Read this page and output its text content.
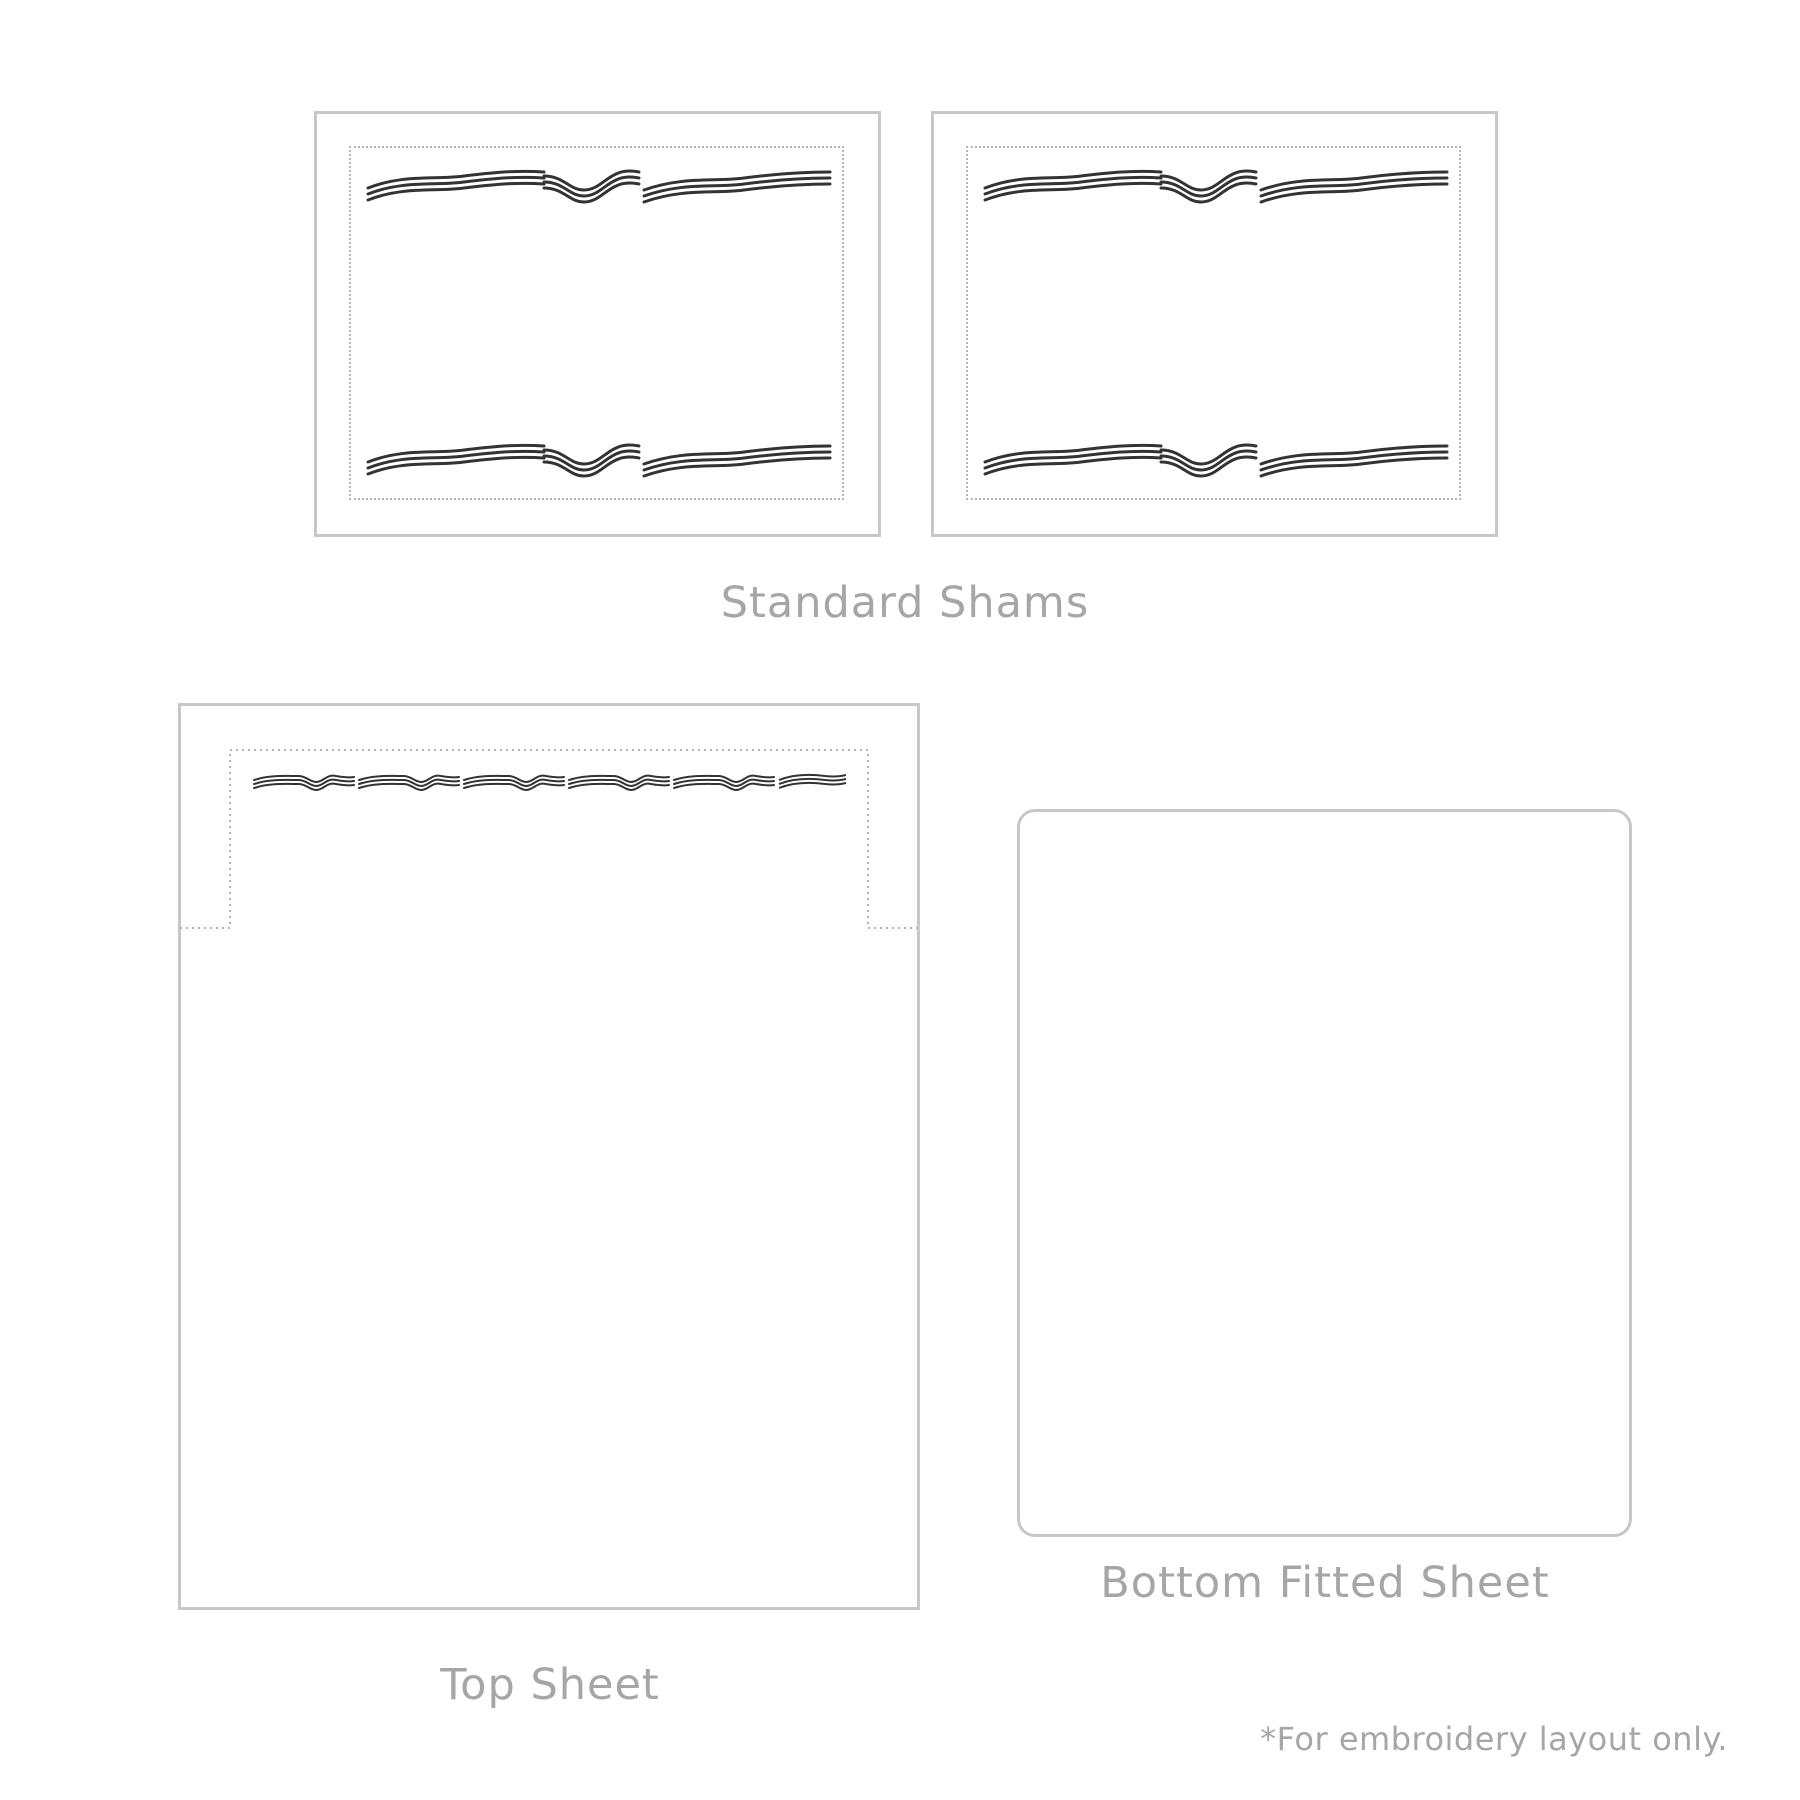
Standard Shams
Top Sheet
Bottom Fitted Sheet
*For embroidery layout only.
